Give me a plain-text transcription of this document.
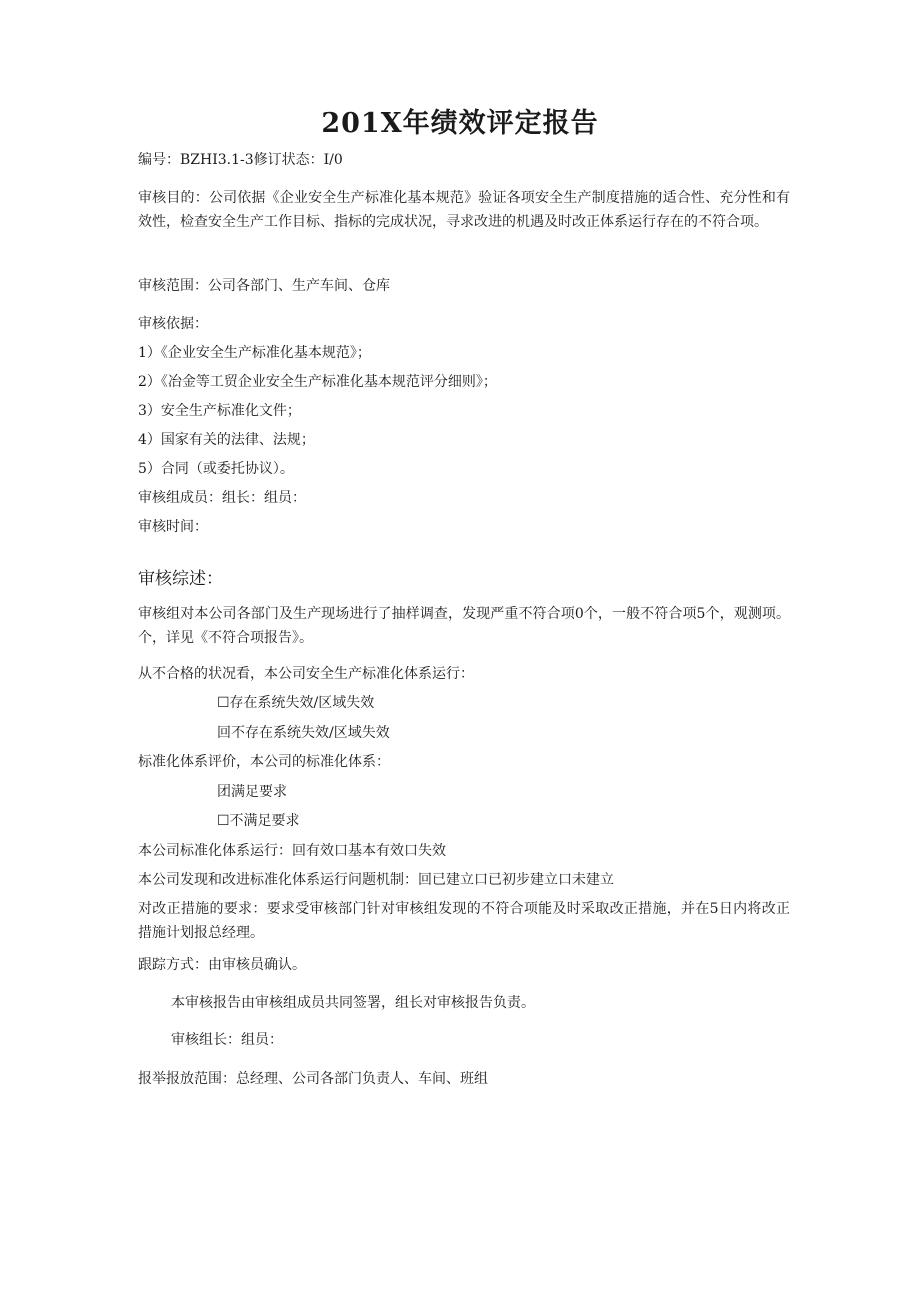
201X年绩效评定报告
编号：BZHI3.1-3修订状态：I/0
审核目的：公司依据《企业安全生产标准化基本规范》验证各项安全生产制度措施的适合性、充分性和有效性，检查安全生产工作目标、指标的完成状况，寻求改进的机遇及时改正体系运行存在的不符合项。
审核范围：公司各部门、生产车间、仓库
审核依据：
1）《企业安全生产标准化基本规范》；
2）《冶金等工贸企业安全生产标准化基本规范评分细则》；
3）安全生产标准化文件；
4）国家有关的法律、法规；
5）合同（或委托协议）。
审核组成员：组长：组员：
审核时间：
审核综述：
审核组对本公司各部门及生产现场进行了抽样调查，发现严重不符合项0个，一般不符合项5个，观测项。个，详见《不符合项报告》。
从不合格的状况看，本公司安全生产标准化体系运行：
☐存在系统失效/区域失效
回不存在系统失效/区域失效
标准化体系评价，本公司的标准化体系：
团满足要求
☐不满足要求
本公司标准化体系运行：回有效口基本有效口失效
本公司发现和改进标准化体系运行问题机制：回已建立口已初步建立口未建立
对改正措施的要求：要求受审核部门针对审核组发现的不符合项能及时采取改正措施，并在5日内将改正措施计划报总经理。
跟踪方式：由审核员确认。
本审核报告由审核组成员共同签署，组长对审核报告负责。
审核组长：组员：
报举报放范围：总经理、公司各部门负责人、车间、班组
